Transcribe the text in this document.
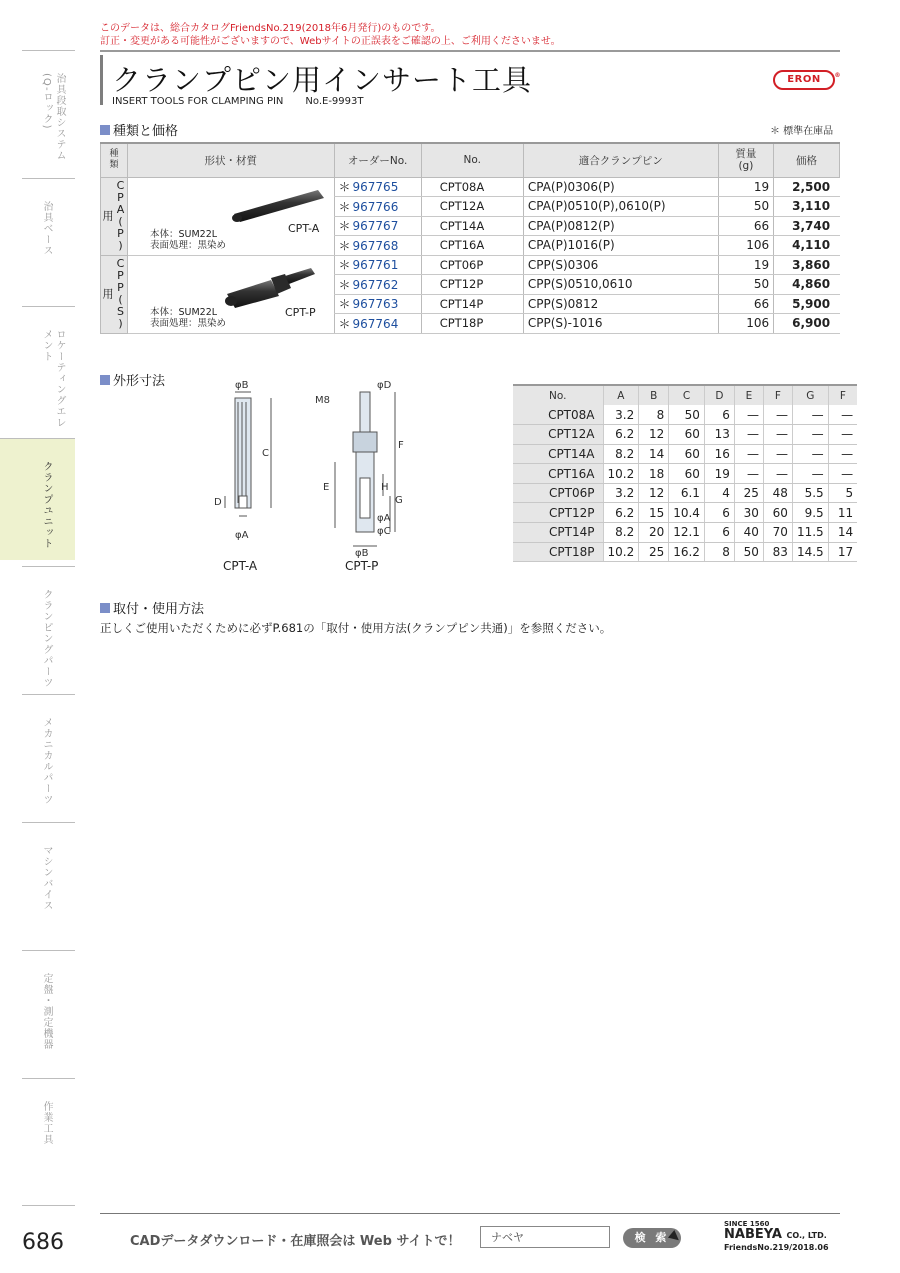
このデータは、総合カタログFriendsNo.219(2018年6月発行)のものです。
訂正・変更がある可能性がございますので、Webサイトの正誤表をご確認の上、ご利用くださいませ。
クランプピン用インサート工具
INSERT TOOLS FOR CLAMPING PIN No.E-9993T
ERON ®
種類と価格	＊ 標準在庫品
種
類	形状・材質	オーダーNo.	No.	適合クランプピン	質量
(g)	価格
CPA(P)用	CPT-A
本体：SUM22L
表面処理：黒染め	＊ 967765	CPT08A	CPA(P)0306(P)	19	2,500
		＊ 967766	CPT12A	CPA(P)0510(P),0610(P)	50	3,110
		＊ 967767	CPT14A	CPA(P)0812(P)	66	3,740
		＊ 967768	CPT16A	CPA(P)1016(P)	106	4,110
CPP(S)用	CPT-P
本体：SUM22L
表面処理：黒染め	＊ 967761	CPT06P	CPP(S)0306	19	3,860
		＊ 967762	CPT12P	CPP(S)0510,0610	50	4,860
		＊ 967763	CPT14P	CPP(S)0812	66	5,900
		＊ 967764	CPT18P	CPP(S)-1016	106	6,900
外形寸法	φB
C
D
φA
φD
M8
F
E	H
G
φA
φC
φB
CPT-A	CPT-P
No.	A	B	C	D	E	F	G	F
CPT08A	3.2	8	50	6	—	—	—	—
CPT12A	6.2	12	60	13	—	—	—	—
CPT14A	8.2	14	60	16	—	—	—	—
CPT16A	10.2	18	60	19	—	—	—	—
CPT06P	3.2	12	6.1	4	25	48	5.5	5
CPT12P	6.2	15	10.4	6	30	60	9.5	11
CPT14P	8.2	20	12.1	6	40	70	11.5	14
CPT18P	10.2	25	16.2	8	50	83	14.5	17
取付・使用方法
正しくご使用いただくために必ずP.681の「取付・使用方法(クランプピン共通)」を参照ください。
治具段取システム(Q-ロック)
治具ベース
ロケーティングエレメント
クランプユニット
クランピングパーツ
メカニカルパーツ
マシンバイス
定盤・測定機器
作業工具
686	CADデータダウンロード・在庫照会は Web サイトで！
ナベヤ	検 索
SINCE 1560
NABEYA CO., LTD.
FriendsNo.219/2018.06
